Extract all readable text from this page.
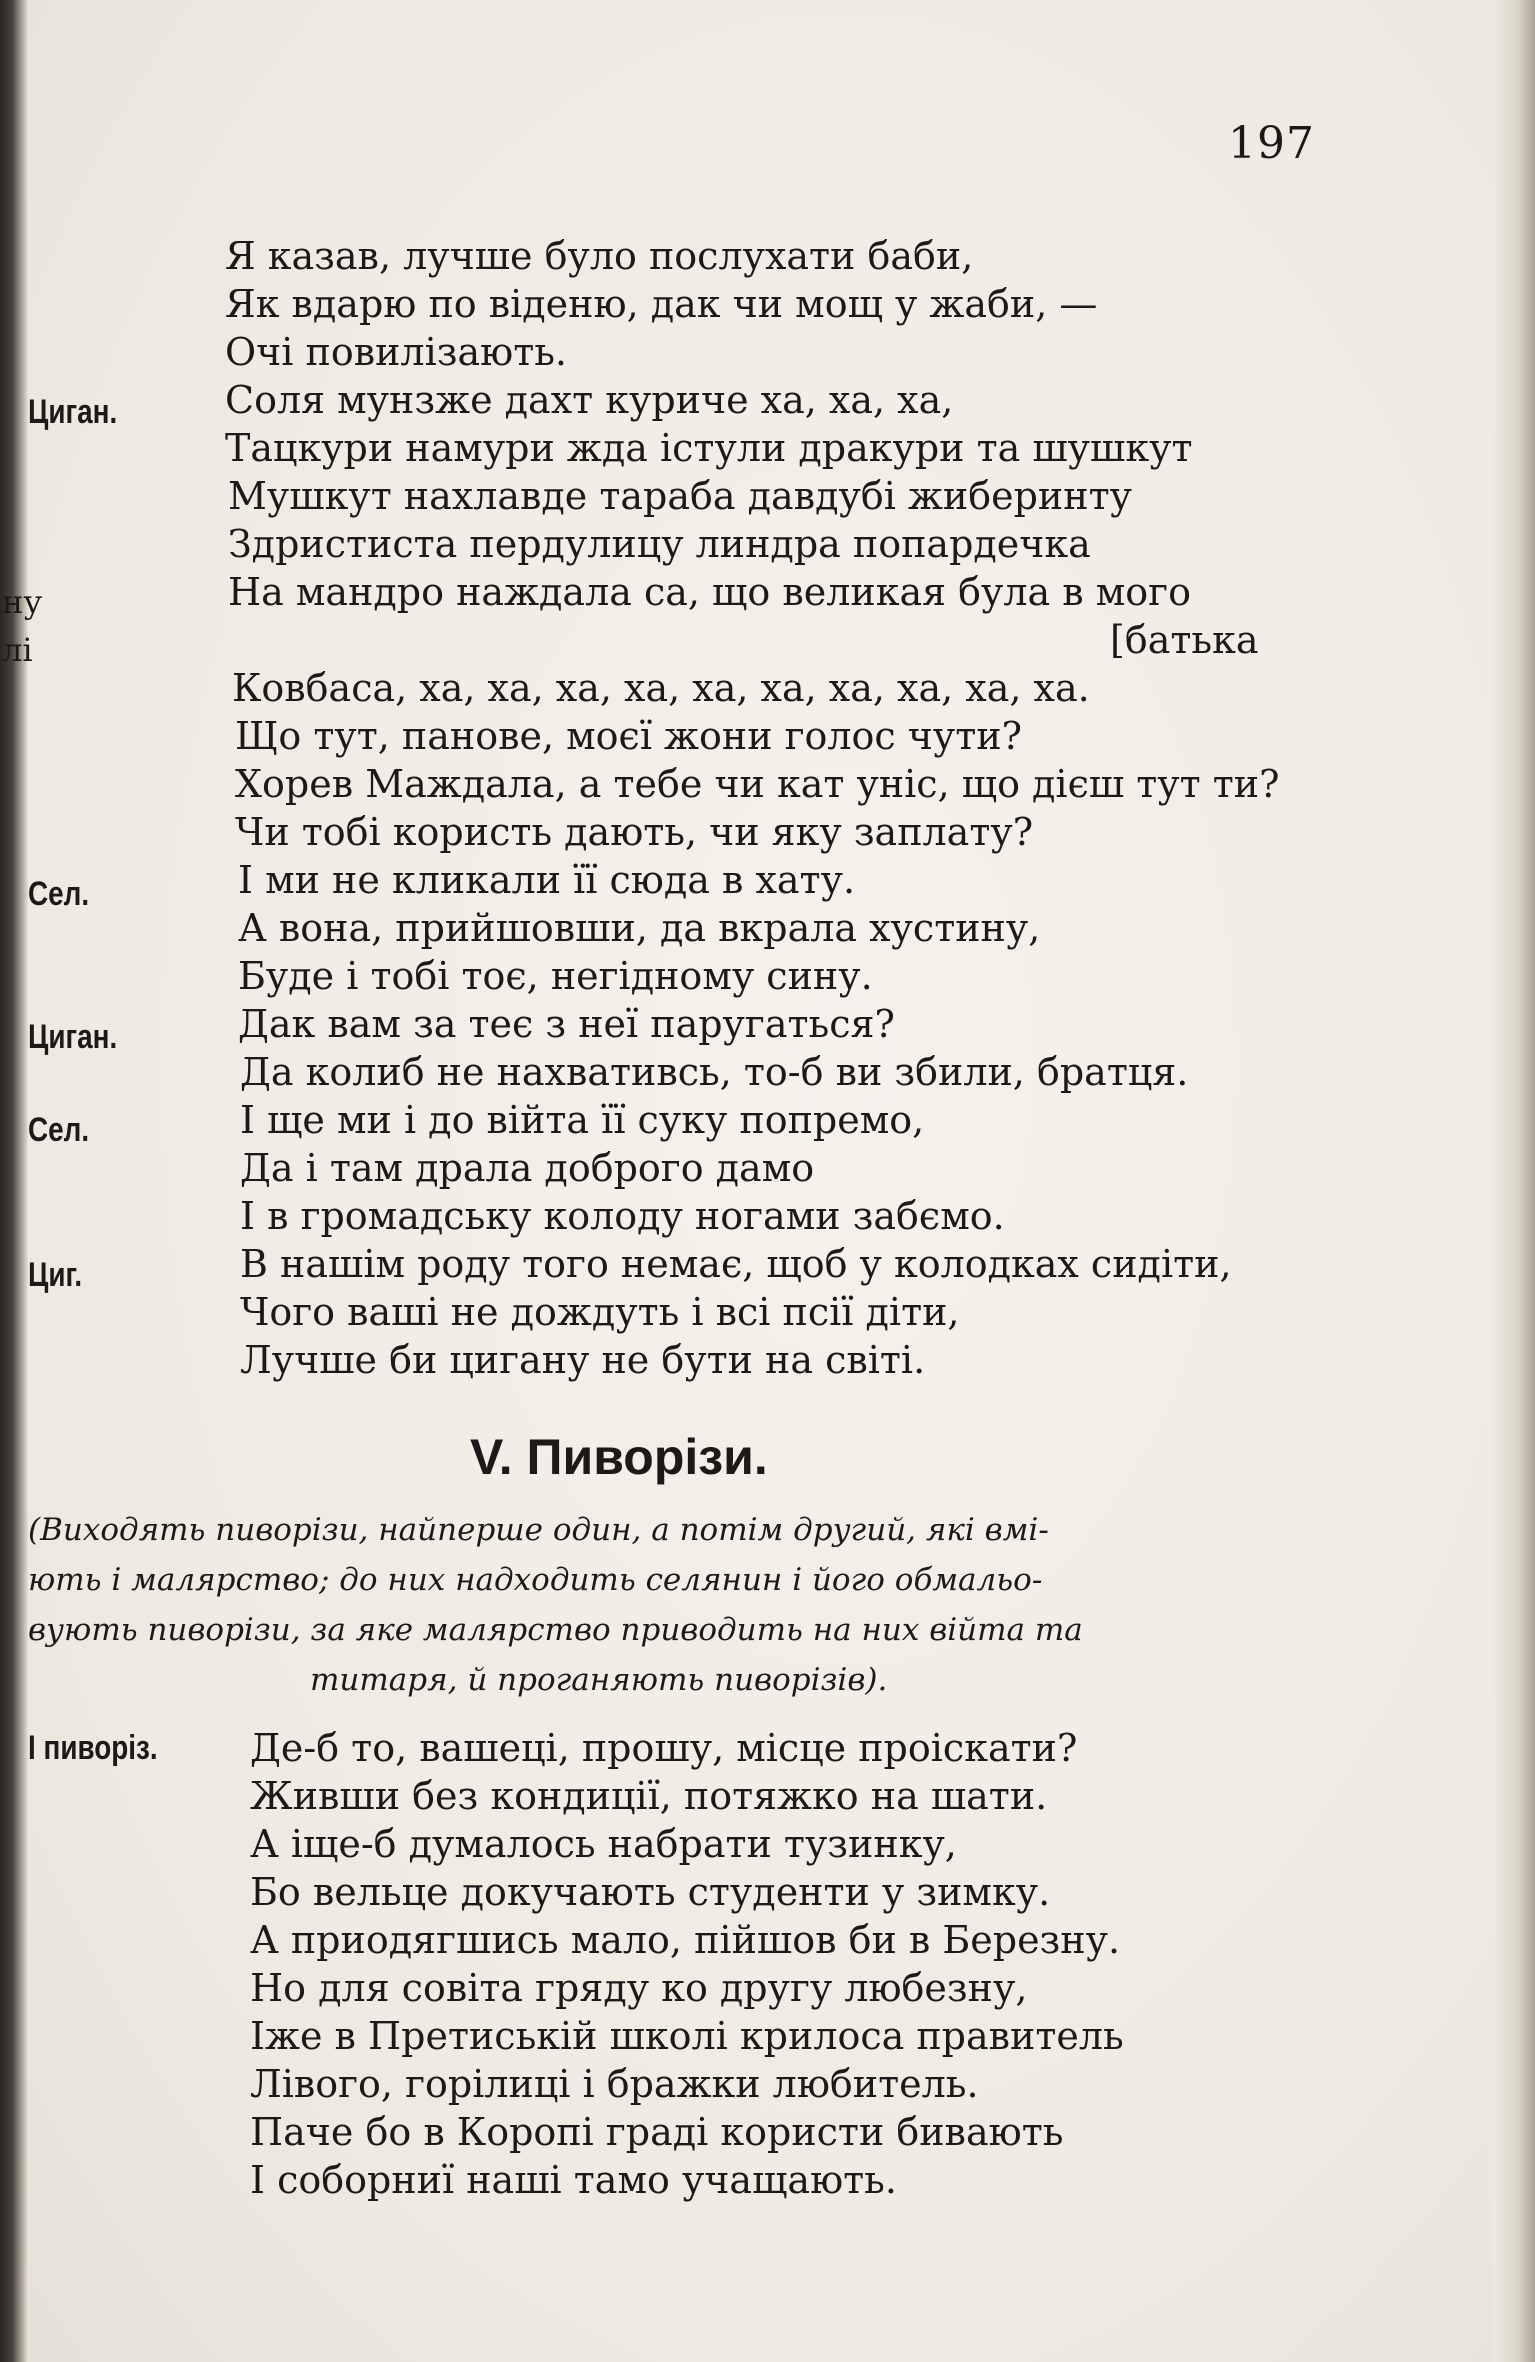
197
ну
лі
Циган.
Сел.
Циган.
Сел.
Циг.
І пиворіз.
Я казав, лучше було послухати баби,
Як вдарю по віденю, дак чи мощ у жаби, —
Очі повилізають.
Соля мунзже дахт куриче ха, ха, ха,
Тацкури намури жда істули дракури та шушкут
Мушкут нахлавде тараба давдубі жиберинту
Здристиста пердулицу линдра попардечка
На мандро наждала са, що великая була в мого
[батька
Ковбаса, ха, ха, ха, ха, ха, ха, ха, ха, ха, ха.
Що тут, панове, моєї жони голос чути?
Хорев Маждала, а тебе чи кат уніс, що дієш тут ти?
Чи тобі користь дають, чи яку заплату?
І ми не кликали її сюда в хату.
А вона, прийшовши, да вкрала хустину,
Буде і тобі тоє, негідному сину.
Дак вам за теє з неї паругаться?
Да колиб не нахвативсь, то-б ви збили, братця.
І ще ми і до війта її суку попремо,
Да і там драла доброго дамо
І в громадську колоду ногами забємо.
В нашім роду того немає, щоб у колодках сидіти,
Чого ваші не дождуть і всі псії діти,
Лучше би цигану не бути на світі.
V. Пиворізи.
(Виходять пиворізи, найперше один, а потім другий, які вмі-
ють і малярство; до них надходить селянин і його обмальо-
вують пиворізи, за яке малярство приводить на них війта та
титаря, й проганяють пиворізів).
Де-б то, вашеці, прошу, місце проіскати?
Живши без кондиції, потяжко на шати.
А іще-б думалось набрати тузинку,
Бо вельце докучають студенти у зимку.
А приодягшись мало, пійшов би в Березну.
Но для совіта гряду ко другу любезну,
Іже в Претиській школі крилоса правитель
Лівого, горілиці і бражки любитель.
Паче бо в Коропі граді користи бивають
І соборниї наші тамо учащають.
